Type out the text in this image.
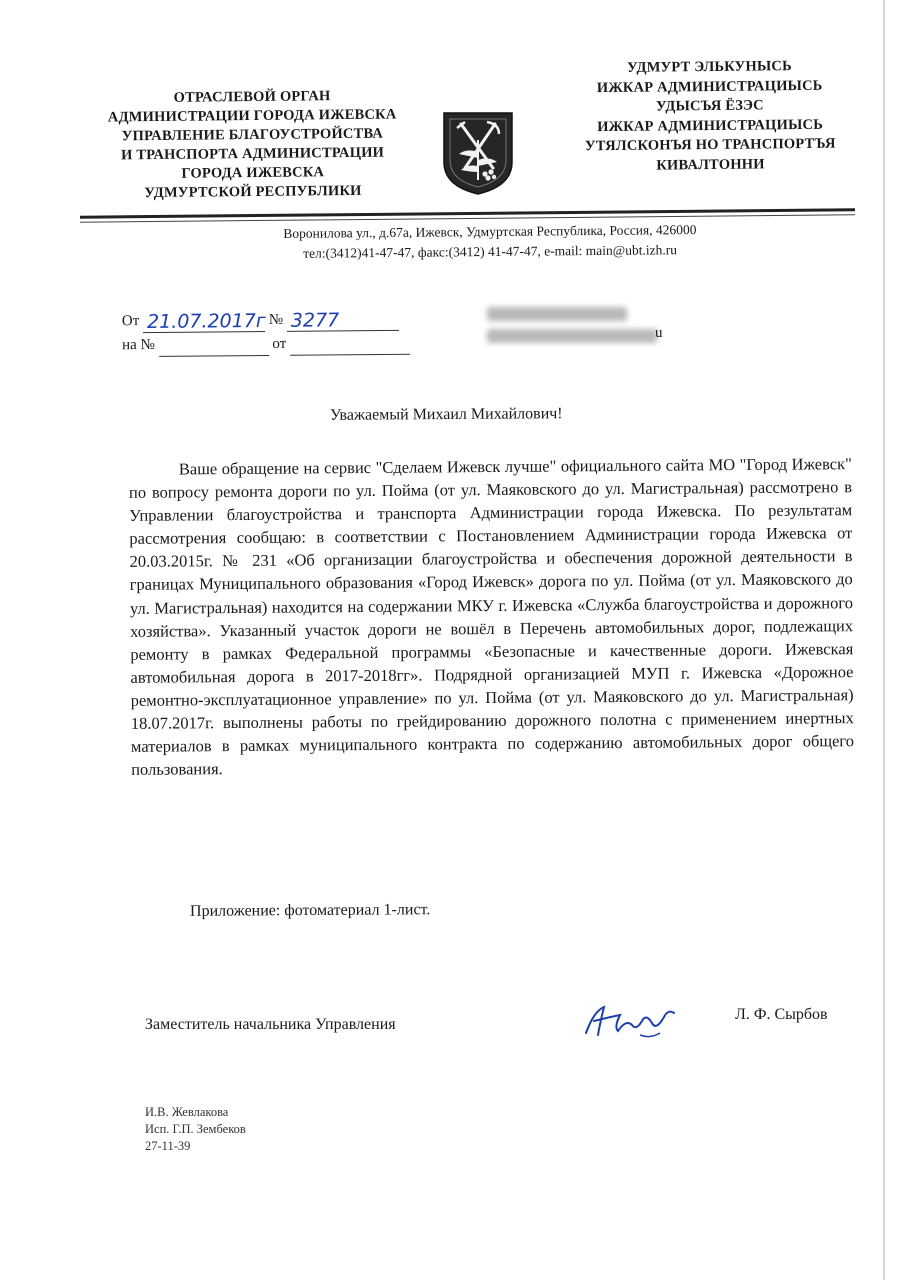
ОТРАСЛЕВОЙ ОРГАН
АДМИНИСТРАЦИИ ГОРОДА ИЖЕВСКА
УПРАВЛЕНИЕ БЛАГОУСТРОЙСТВА
И ТРАНСПОРТА АДМИНИСТРАЦИИ
ГОРОДА ИЖЕВСКА
УДМУРТСКОЙ РЕСПУБЛИКИ
УДМУРТ ЭЛЬКУНЫСЬ
ИЖКАР АДМИНИСТРАЦИЫСЬ
УДЫСЪЯ ЁЗЭС
ИЖКАР АДМИНИСТРАЦИЫСЬ
УТЯЛСКОНЪЯ НО ТРАНСПОРТЪЯ
КИВАЛТОННИ
Воронилова ул., д.67а, Ижевск, Удмуртская Республика, Россия, 426000
тел:(3412)41-47-47, факс:(3412) 41-47-47, e-mail: main@ubt.izh.ru
От 21.07.2017г № 3277
на №	от
u
Уважаемый Михаил Михайлович!

Ваше обращение на сервис "Сделаем Ижевск лучше" официального сайта МО "Город Ижевск" по вопросу ремонта дороги по ул. Пойма (от ул. Маяковского до ул. Магистральная) рассмотрено в Управлении благоустройства и транспорта Администрации города Ижевска. По результатам рассмотрения сообщаю: в соответствии с Постановлением Администрации города Ижевска от 20.03.2015г. № 231 «Об организации благоустройства и обеспечения дорожной деятельности в границах Муниципального образования «Город Ижевск» дорога по ул. Пойма (от ул. Маяковского до ул. Магистральная) находится на содержании МКУ г. Ижевска «Служба благоустройства и дорожного хозяйства». Указанный участок дороги не вошёл в Перечень автомобильных дорог, подлежащих ремонту в рамках Федеральной программы «Безопасные и качественные дороги. Ижевская автомобильная дорога в 2017-2018гг». Подрядной организацией МУП г. Ижевска «Дорожное ремонтно-эксплуатационное управление» по ул. Пойма (от ул. Маяковского до ул. Магистральная) 18.07.2017г. выполнены работы по грейдированию дорожного полотна с применением инертных материалов в рамках муниципального контракта по содержанию автомобильных дорог общего пользования.

Приложение: фотоматериал 1-лист.
Заместитель начальника Управления
Л. Ф. Сырбов
И.В. Жевлакова
Исп. Г.П. Зембеков
27-11-39
